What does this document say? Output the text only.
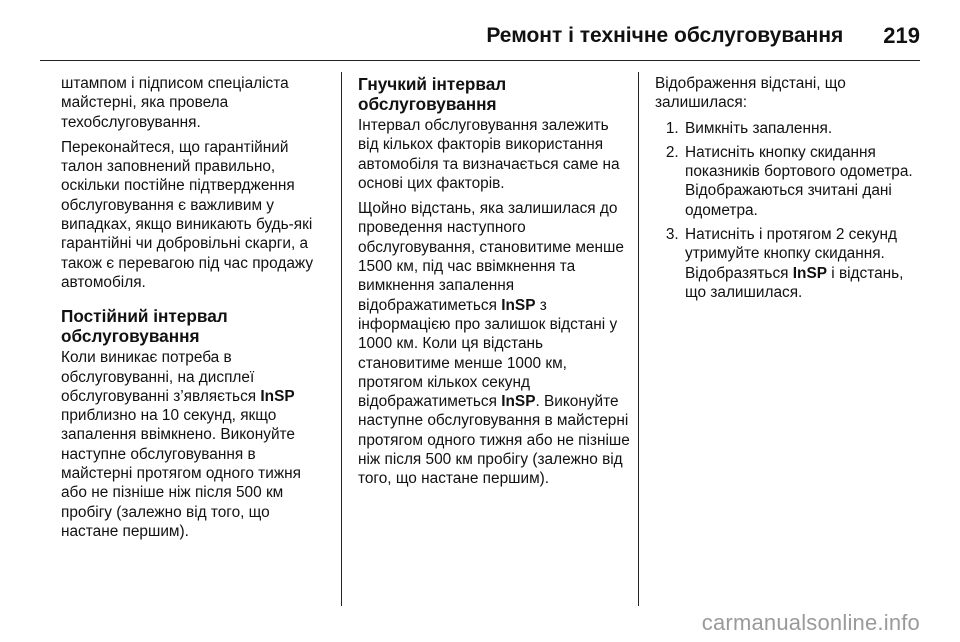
Ремонт і технічне обслуговування 219

штампом і підписом спеціаліста майстерні, яка провела техобслуговування.

Переконайтеся, що гарантійний талон заповнений правильно, оскільки постійне підтвердження обслуговування є важливим у випадках, якщо виникають будь-які гарантійні чи добровільні скарги, а також є перевагою під час продажу автомобіля.

Постійний інтервал обслуговування

Коли виникає потреба в обслуговуванні, на дисплеї обслуговуванні з’являється InSP приблизно на 10 секунд, якщо запалення ввімкнено. Виконуйте наступне обслуговування в майстерні протягом одного тижня або не пізніше ніж після 500 км пробігу (залежно від того, що настане першим).

Гнучкий інтервал обслуговування

Інтервал обслуговування залежить від кількох факторів використання автомобіля та визначається саме на основі цих факторів.

Щойно відстань, яка залишилася до проведення наступного обслуговування, становитиме менше 1500 км, під час ввімкнення та вимкнення запалення відображатиметься InSP з інформацією про залишок відстані у 1000 км. Коли ця відстань становитиме менше 1000 км, протягом кількох секунд відображатиметься InSP. Виконуйте наступне обслуговування в майстерні протягом одного тижня або не пізніше ніж після 500 км пробігу (залежно від того, що настане першим).

Відображення відстані, що залишилася:

1. Вимкніть запалення.
2. Натисніть кнопку скидання показників бортового одометра. Відображаються зчитані дані одометра.
3. Натисніть і протягом 2 секунд утримуйте кнопку скидання. Відобразяться InSP і відстань, що залишилася.
carmanualsonline.info
